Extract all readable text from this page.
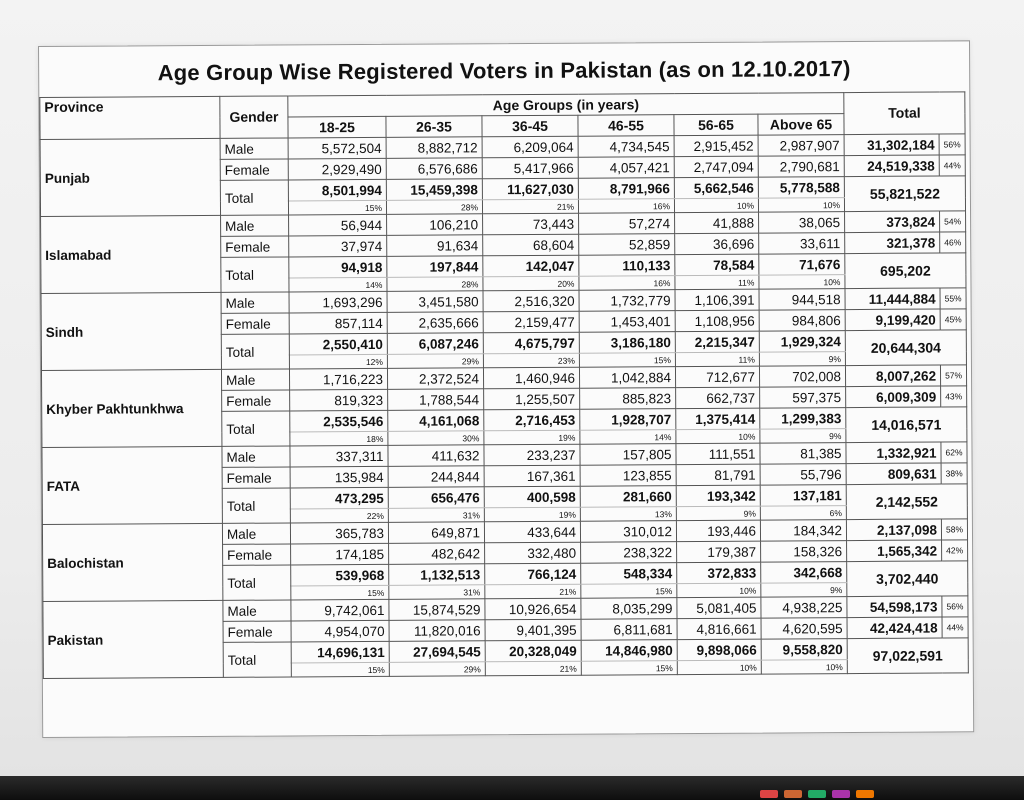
Age Group Wise Registered Voters in Pakistan (as on 12.10.2017)
Province	Gender	Age Groups (in years)						Total	
		18-25	26-35	36-45	46-55	56-65	Above 65		
Punjab	Male	5,572,504	8,882,712	6,209,064	4,734,545	2,915,452	2,987,907	31,302,184	56%
	Female	2,929,490	6,576,686	5,417,966	4,057,421	2,747,094	2,790,681	24,519,338	44%
	Total	8,501,994	15,459,398	11,627,030	8,791,966	5,662,546	5,778,588	55,821,522	
		15%	28%	21%	16%	10%	10%		
Islamabad	Male	56,944	106,210	73,443	57,274	41,888	38,065	373,824	54%
	Female	37,974	91,634	68,604	52,859	36,696	33,611	321,378	46%
	Total	94,918	197,844	142,047	110,133	78,584	71,676	695,202	
		14%	28%	20%	16%	11%	10%		
Sindh	Male	1,693,296	3,451,580	2,516,320	1,732,779	1,106,391	944,518	11,444,884	55%
	Female	857,114	2,635,666	2,159,477	1,453,401	1,108,956	984,806	9,199,420	45%
	Total	2,550,410	6,087,246	4,675,797	3,186,180	2,215,347	1,929,324	20,644,304	
		12%	29%	23%	15%	11%	9%		
Khyber Pakhtunkhwa	Male	1,716,223	2,372,524	1,460,946	1,042,884	712,677	702,008	8,007,262	57%
	Female	819,323	1,788,544	1,255,507	885,823	662,737	597,375	6,009,309	43%
	Total	2,535,546	4,161,068	2,716,453	1,928,707	1,375,414	1,299,383	14,016,571	
		18%	30%	19%	14%	10%	9%		
FATA	Male	337,311	411,632	233,237	157,805	111,551	81,385	1,332,921	62%
	Female	135,984	244,844	167,361	123,855	81,791	55,796	809,631	38%
	Total	473,295	656,476	400,598	281,660	193,342	137,181	2,142,552	
		22%	31%	19%	13%	9%	6%		
Balochistan	Male	365,783	649,871	433,644	310,012	193,446	184,342	2,137,098	58%
	Female	174,185	482,642	332,480	238,322	179,387	158,326	1,565,342	42%
	Total	539,968	1,132,513	766,124	548,334	372,833	342,668	3,702,440	
		15%	31%	21%	15%	10%	9%		
Pakistan	Male	9,742,061	15,874,529	10,926,654	8,035,299	5,081,405	4,938,225	54,598,173	56%
	Female	4,954,070	11,820,016	9,401,395	6,811,681	4,816,661	4,620,595	42,424,418	44%
	Total	14,696,131	27,694,545	20,328,049	14,846,980	9,898,066	9,558,820	97,022,591	
		15%	29%	21%	15%	10%	10%		
